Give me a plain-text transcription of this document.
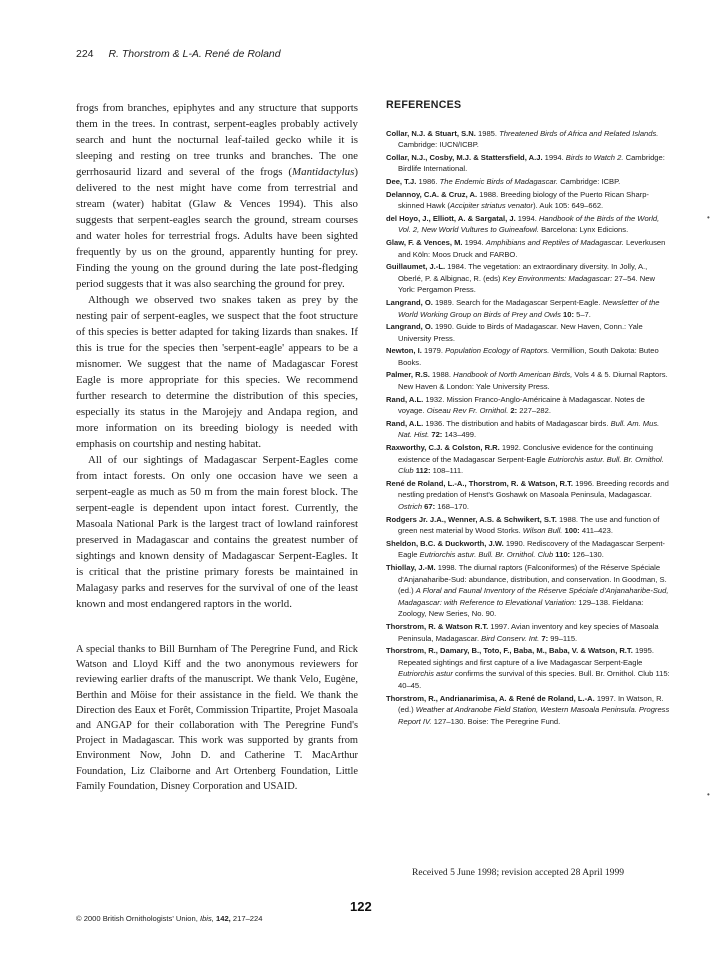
224 R. Thorstrom & L-A. René de Roland

frogs from branches, epiphytes and any structure that supports them in the trees. In contrast, serpent-eagles probably actively search and hunt the nocturnal leaf-tailed gecko while it is sleeping and resting on tree trunks and branches. The one gerrhosaurid lizard and several of the frogs (Mantidactylus) delivered to the nest might have come from terrestrial and stream (water) habitat (Glaw & Vences 1994). This also suggests that serpent-eagles search the ground, stream courses and water holes for terrestrial frogs. Adults have been sighted frequently by us on the ground, apparently hunting for prey. Finding the young on the ground during the late post-fledging period suggests that it was also searching the ground for prey.

Although we observed two snakes taken as prey by the nesting pair of serpent-eagles, we suspect that the foot structure of this species is better adapted for taking lizards than snakes. If this is true for the species then 'serpent-eagle' appears to be a misnomer. We suggest that the name of Madagascar Forest Eagle is more appropriate for this species. We recommend further research to determine the distribution of this species, especially its status in the Marojejy and Andapa region, and more information on its breeding biology is needed with emphasis on courtship and nesting habitat.

All of our sightings of Madagascar Serpent-Eagles come from intact forests. On only one occasion have we seen a serpent-eagle as much as 50 m from the main forest block. The serpent-eagle is dependent upon intact forest. Currently, the Masoala National Park is the largest tract of lowland rainforest preserved in Madagascar and contains the greatest number of sightings and known density of Madagascar Serpent-Eagles. It is critical that the pristine primary forests be maintained in Malagasy parks and reserves for the survival of one of the least known and most endangered raptors in the world.

A special thanks to Bill Burnham of The Peregrine Fund, and Rick Watson and Lloyd Kiff and the two anonymous reviewers for reviewing earlier drafts of the manuscript. We thank Velo, Eugène, Berthin and Möise for their assistance in the field. We thank the Direction des Eaux et Forêt, Commission Tripartite, Projet Masoala and ANGAP for their collaboration with The Peregrine Fund's Project in Madagascar. This work was supported by grants from Environment Now, John D. and Catherine T. MacArthur Foundation, Liz Claiborne and Art Ortenberg Foundation, Little Family Foundation, Disney Corporation and USAID.

REFERENCES
Collar, N.J. & Stuart, S.N. 1985. Threatened Birds of Africa and Related Islands. Cambridge: IUCN/ICBP.
Collar, N.J., Cosby, M.J. & Stattersfield, A.J. 1994. Birds to Watch 2. Cambridge: Birdlife International.
Dee, T.J. 1986. The Endemic Birds of Madagascar. Cambridge: ICBP.
Delannoy, C.A. & Cruz, A. 1988. Breeding biology of the Puerto Rican Sharp-skinned Hawk (Accipiter striatus venator). Auk 105: 649–662.
del Hoyo, J., Elliott, A. & Sargatal, J. 1994. Handbook of the Birds of the World, Vol. 2, New World Vultures to Guineafowl. Barcelona: Lynx Edicions.
Glaw, F. & Vences, M. 1994. Amphibians and Reptiles of Madagascar. Leverkusen and Köln: Moos Druck and FARBO.
Guillaumet, J.-L. 1984. The vegetation: an extraordinary diversity. In Jolly, A., Oberlé, P. & Albignac, R. (eds) Key Environments: Madagascar: 27–54. New York: Pergamon Press.
Langrand, O. 1989. Search for the Madagascar Serpent-Eagle. Newsletter of the World Working Group on Birds of Prey and Owls 10: 5–7.
Langrand, O. 1990. Guide to Birds of Madagascar. New Haven, Conn.: Yale University Press.
Newton, I. 1979. Population Ecology of Raptors. Vermillion, South Dakota: Buteo Books.
Palmer, R.S. 1988. Handbook of North American Birds, Vols 4 & 5. Diurnal Raptors. New Haven & London: Yale University Press.
Rand, A.L. 1932. Mission Franco-Anglo-Américaine à Madagascar. Notes de voyage. Oiseau Rev Fr. Ornithol. 2: 227–282.
Rand, A.L. 1936. The distribution and habits of Madagascar birds. Bull. Am. Mus. Nat. Hist. 72: 143–499.
Raxworthy, C.J. & Colston, R.R. 1992. Conclusive evidence for the continuing existence of the Madagascar Serpent-Eagle Eutriorchis astur. Bull. Br. Ornithol. Club 112: 108–111.
René de Roland, L.-A., Thorstrom, R. & Watson, R.T. 1996. Breeding records and nestling predation of Henst's Goshawk on Masoala Peninsula, Madagascar. Ostrich 67: 168–170.
Rodgers Jr. J.A., Wenner, A.S. & Schwikert, S.T. 1988. The use and function of green nest material by Wood Storks. Wilson Bull. 100: 411–423.
Sheldon, B.C. & Duckworth, J.W. 1990. Rediscovery of the Madagascar Serpent-Eagle Eutriorchis astur. Bull. Br. Ornithol. Club 110: 126–130.
Thiollay, J.-M. 1998. The diurnal raptors (Falconiformes) of the Réserve Spéciale d'Anjanaharibe-Sud: abundance, distribution, and conservation. In Goodman, S. (ed.) A Floral and Faunal Inventory of the Réserve Spéciale d'Anjanaharibe-Sud, Madagascar: with Reference to Elevational Variation: 129–138. Fieldana: Zoology, New Series, No. 90.
Thorstrom, R. & Watson R.T. 1997. Avian inventory and key species of Masoala Peninsula, Madagascar. Bird Conserv. Int. 7: 99–115.
Thorstrom, R., Damary, B., Toto, F., Baba, M., Baba, V. & Watson, R.T. 1995. Repeated sightings and first capture of a live Madagascar Serpent-Eagle Eutriorchis astur confirms the survival of this species. Bull. Br. Ornithol. Club 115: 40–45.
Thorstrom, R., Andrianarimisa, A. & René de Roland, L.-A. 1997. In Watson, R. (ed.) Weather at Andranobe Field Station, Western Masoala Peninsula. Progress Report IV. 127–130. Boise: The Peregrine Fund.
Received 5 June 1998; revision accepted 28 April 1999
122
© 2000 British Ornithologists' Union, Ibis, 142, 217–224
•
•
